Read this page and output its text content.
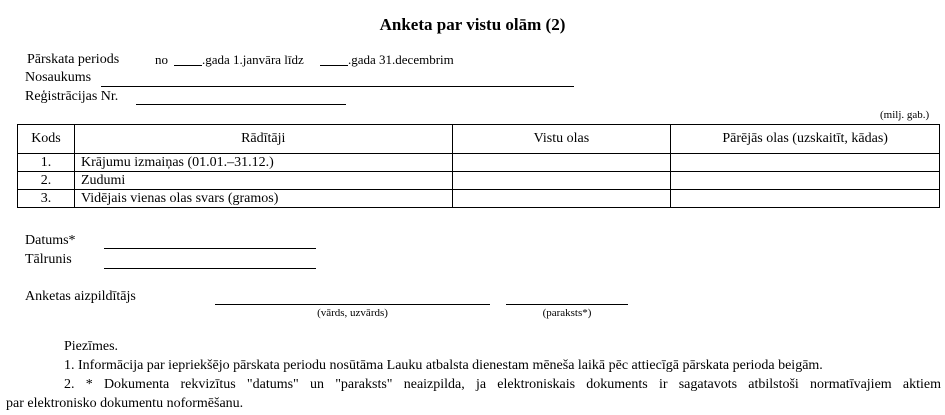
Anketa par vistu olām (2)
Pārskata periods	no	.gada 1.janvāra līdz	.gada 31.decembrim
Nosaukums
Reģistrācijas Nr.
(milj. gab.)
Kods	Rādītāji	Vistu olas	Pārējās olas (uzskaitīt, kādas)
1.	Krājumu izmaiņas (01.01.–31.12.)		
2.	Zudumi		
3.	Vidējais vienas olas svars (gramos)		
Datums*
Tālrunis
Anketas aizpildītājs
(vārds, uzvārds)	(paraksts*)
Piezīmes.
1. Informācija par iepriekšējo pārskata periodu nosūtāma Lauku atbalsta dienestam mēneša laikā pēc attiecīgā pārskata perioda beigām.
2. * Dokumenta rekvizītus "datums" un "paraksts" neaizpilda, ja elektroniskais dokuments ir sagatavots atbilstoši normatīvajiem aktiem
par elektronisko dokumentu noformēšanu.
